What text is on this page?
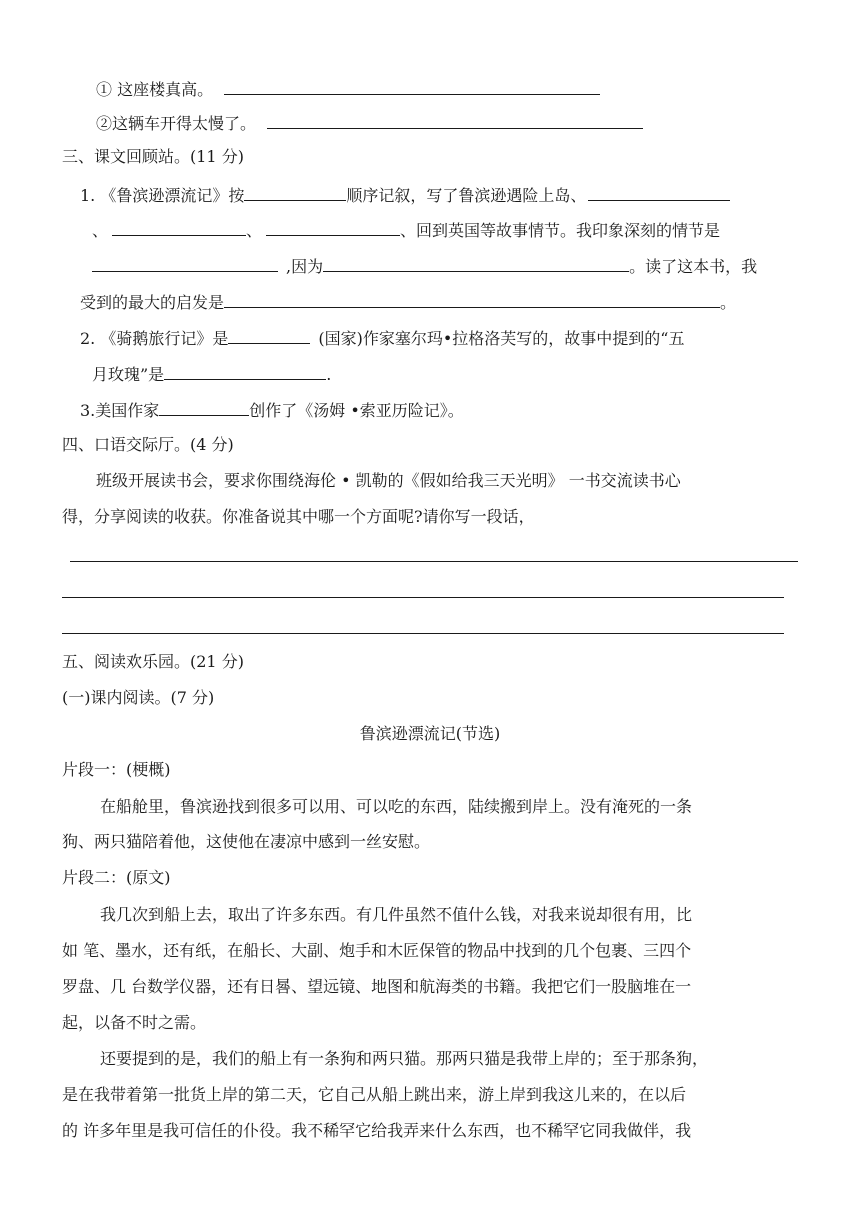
① 这座楼真高。
②这辆车开得太慢了。
三、课文回顾站。(11 分)
1. 《鲁滨逊漂流记》按	顺序记叙，写了鲁滨逊遇险上岛、
、	、	、回到英国等故事情节。我印象深刻的情节是
,因为	。读了这本书，我
受到的最大的启发是	。
2. 《骑鹅旅行记》是	(国家)作家塞尔玛•拉格洛芙写的，故事中提到的“五
月玫瑰”是	.
3.美国作家	创作了《汤姆 •索亚历险记》。
四、口语交际厅。(4 分)
班级开展读书会，要求你围绕海伦 • 凯勒的《假如给我三天光明》 一书交流读书心
得，分享阅读的收获。你准备说其中哪一个方面呢?请你写一段话，
五、阅读欢乐园。(21 分)
(一)课内阅读。(7 分)
鲁滨逊漂流记(节选)
片段一：(梗概)
在船舱里，鲁滨逊找到很多可以用、可以吃的东西，陆续搬到岸上。没有淹死的一条
狗、两只猫陪着他，这使他在凄凉中感到一丝安慰。
片段二：(原文)
我几次到船上去，取出了许多东西。有几件虽然不值什么钱，对我来说却很有用，比
如 笔、墨水，还有纸，在船长、大副、炮手和木匠保管的物品中找到的几个包裹、三四个
罗盘、几 台数学仪器，还有日晷、望远镜、地图和航海类的书籍。我把它们一股脑堆在一
起，以备不时之需。
还要提到的是，我们的船上有一条狗和两只猫。那两只猫是我带上岸的；至于那条狗，
是在我带着第一批货上岸的第二天，它自己从船上跳出来，游上岸到我这儿来的，在以后
的 许多年里是我可信任的仆役。我不稀罕它给我弄来什么东西，也不稀罕它同我做伴，我
